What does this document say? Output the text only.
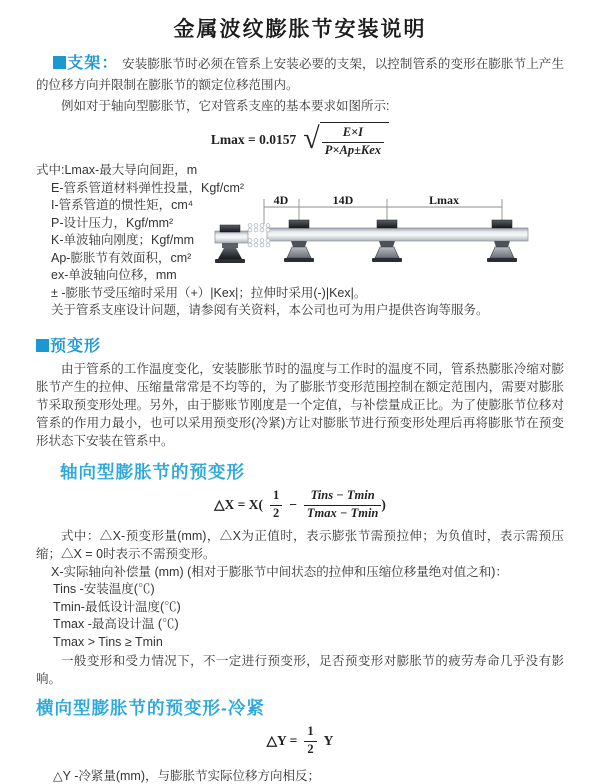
金属波纹膨胀节安装说明
支架： 安装膨胀节时必须在管系上安装必要的支架，以控制管系的变形在膨胀节上产生的位移方向并限制在膨胀节的额定位移范围内。
例如对于轴向型膨胀节，它对管系支座的基本要求如图所示:
Lmax = 0.0157 √ $\frac{E\times I}{\text{P×Ap±Kex}}$
式中:Lmax-最大导向间距，m
E-管系管道材料弹性投量，Kgf/cm²
I-管系管道的惯性矩，cm⁴
P-设计压力，Kgf/mm²
K-单波轴向刚度；Kgf/mm
Ap-膨胀节有效面积，cm²
ex-单波轴向位移，mm
± -膨胀节受压缩时采用（+）|Kex|；拉伸时采用(-)|Kex|。
关于管系支座设计问题，请参阅有关资料，本公司也可为用户提供咨询等服务。
4D	14D	Lmax
预变形
由于管系的工作温度变化，安装膨胀节时的温度与工作时的温度不同，管系热膨胀冷缩对膨胀节产生的拉伸、压缩量常常是不均等的，为了膨胀节变形范围控制在额定范围内，需要对膨胀节采取预变形处理。另外，由于膨账节刚度是一个定值，与补偿量成正比。为了使膨胀节位移对管系的作用力最小，也可以采用预变形(冷紧)方让对膨胀节进行预变形处理后再将膨胀节在预变形状态下安装在管系中。
轴向型膨胀节的预变形
△X = $X( \frac{1}{2} - \frac{\text{Tins − Tmin}}{Tmax - Tmin}$ )
式中：△X-预变形量(mm)，△X为正值时，表示膨张节需预拉伸；为负值时，表示需预压缩；△X = 0时表示不需预变形。
X-实际轴向补偿量 (mm) (相对于膨胀节中间状态的拉伸和压缩位移量绝对值之和)：
Tins -安装温度(℃)
Tmin-最低设计温度(℃)
Tmax -最高设计温 (℃)
Tmax > Tins ≥ Tmin
一般变形和受力情况下，不一定进行预变形，足否预变形对膨胀节的疲劳寿命几乎没有影响。
横向型膨胀节的预变形-冷紧
△Y = $\frac{1}{2}$ Y
△Y -冷紧量(mm)，与膨胀节实际位移方向相反；
